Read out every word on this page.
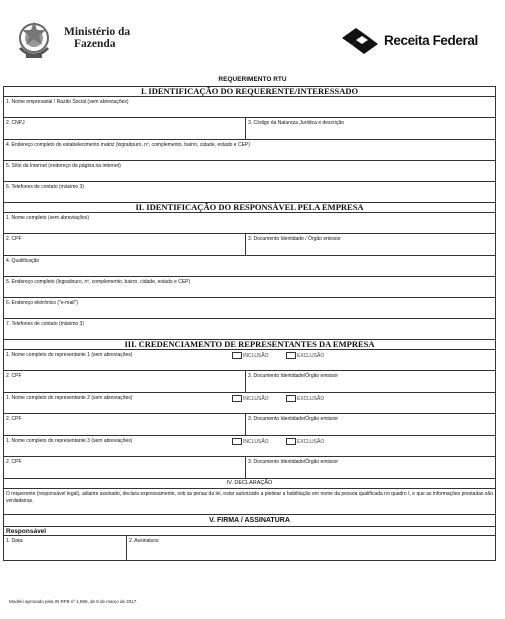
Ministério da
Fazenda	Receita Federal
REQUERIMENTO RTU
I. IDENTIFICAÇÃO DO REQUERENTE/INTERESSADO
1. Nome empresarial / Razão Social (sem abreviações)
2. CNPJ	3. Código da Natureza Jurídica e descrição
4. Endereço completo do estabelecimento matriz (logradouro, nº, complemento, bairro, cidade, estado e CEP)
5. Sítio da Internet (endereço da página na internet)
6. Telefones de contato (máximo 3)
II. IDENTIFICAÇÃO DO RESPONSÁVEL PELA EMPRESA
1. Nome completo (sem abreviações)
2. CPF	3. Documento Identidade / Órgão emissor
4. Qualificação
5. Endereço completo (logradouro, nº, complemento, bairro, cidade, estado e CEP)
6. Endereço eletrônico ("e-mail")
7. Telefones de contato (máximo 3)
III. CREDENCIAMENTO DE REPRESENTANTES DA EMPRESA
1. Nome completo do representante 1 (sem abreviações)	INCLUSÃO	EXCLUSÃO
2. CPF	3. Documento Identidade/Órgão emissor
1. Nome completo do representante 2 (sem abreviações)	INCLUSÃO	EXCLUSÃO
2. CPF	3. Documento Identidade/Órgão emissor
1. Nome completo do representante 3 (sem abreviações)	INCLUSÃO	EXCLUSÃO
2. CPF	3. Documento Identidade/Órgão emissor
IV. DECLARAÇÃO
O requerente (responsável legal), adiante assinado, declara expressamente, sob as penas da lei, estar autorizado a pleitear a habilitação em nome da pessoa qualificada no quadro I, e que as informações prestadas são verdadeiras.
V. FIRMA / ASSINATURA
Responsável
1. Data:	2. Assinatura:
Modelo aprovado pela IN RFB nº 1.698, de 8 de março de 2017.
